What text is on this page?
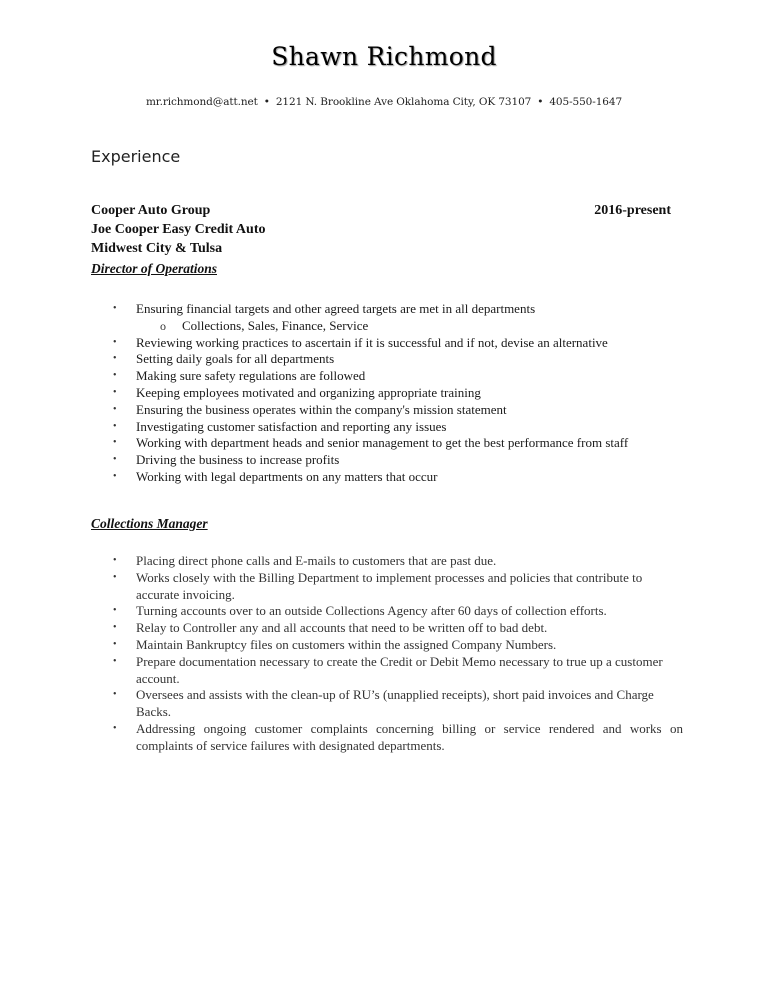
Shawn Richmond
mr.richmond@att.net • 2121 N. Brookline Ave Oklahoma City, OK 73107 • 405-550-1647
Experience
Cooper Auto Group	2016-present
Joe Cooper Easy Credit Auto
Midwest City & Tulsa
Director of Operations
• Ensuring financial targets and other agreed targets are met in all departments
o Collections, Sales, Finance, Service
• Reviewing working practices to ascertain if it is successful and if not, devise an alternative
• Setting daily goals for all departments
• Making sure safety regulations are followed
• Keeping employees motivated and organizing appropriate training
• Ensuring the business operates within the company's mission statement
• Investigating customer satisfaction and reporting any issues
• Working with department heads and senior management to get the best performance from staff
• Driving the business to increase profits
• Working with legal departments on any matters that occur
Collections Manager
• Placing direct phone calls and E-mails to customers that are past due.
• Works closely with the Billing Department to implement processes and policies that contribute to accurate invoicing.
• Turning accounts over to an outside Collections Agency after 60 days of collection efforts.
• Relay to Controller any and all accounts that need to be written off to bad debt.
• Maintain Bankruptcy files on customers within the assigned Company Numbers.
• Prepare documentation necessary to create the Credit or Debit Memo necessary to true up a customer account.
• Oversees and assists with the clean-up of RU’s (unapplied receipts), short paid invoices and Charge Backs.
• Addressing ongoing customer complaints concerning billing or service rendered and works on complaints of service failures with designated departments.
